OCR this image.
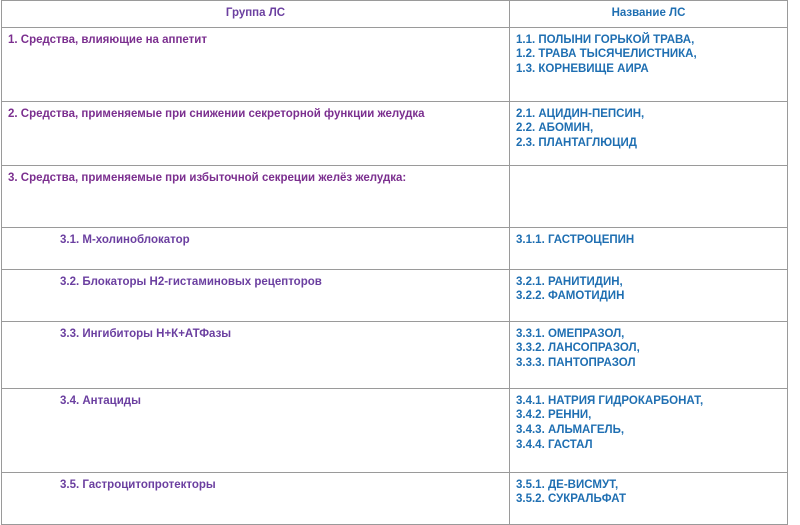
Группа ЛС	Название ЛС
1. Средства, влияющие на аппетит	1.1. ПОЛЫНИ ГОРЬКОЙ ТРАВА,
1.2. ТРАВА ТЫСЯЧЕЛИСТНИКА,
1.3. КОРНЕВИЩЕ АИРА

2. Средства, применяемые при снижении секреторной функции желудка	2.1. АЦИДИН-ПЕПСИН,
2.2. АБОМИН,
2.3. ПЛАНТАГЛЮЦИД

3. Средства, применяемые при избыточной секреции желёз желудка:	
3.1. М-холиноблокатор	3.1.1. ГАСТРОЦЕПИН

3.2. Блокаторы Н2-гистаминовых рецепторов	3.2.1. РАНИТИДИН,
3.2.2. ФАМОТИДИН

3.3. Ингибиторы Н+К+АТФазы	3.3.1. ОМЕПРАЗОЛ,
3.3.2. ЛАНСОПРАЗОЛ,
3.3.3. ПАНТОПРАЗОЛ

3.4. Антациды	3.4.1. НАТРИЯ ГИДРОКАРБОНАТ,
3.4.2. РЕННИ,
3.4.3. АЛЬМАГЕЛЬ,
3.4.4. ГАСТАЛ

3.5. Гастроцитопротекторы	3.5.1. ДЕ-ВИСМУТ,
3.5.2. СУКРАЛЬФАТ
